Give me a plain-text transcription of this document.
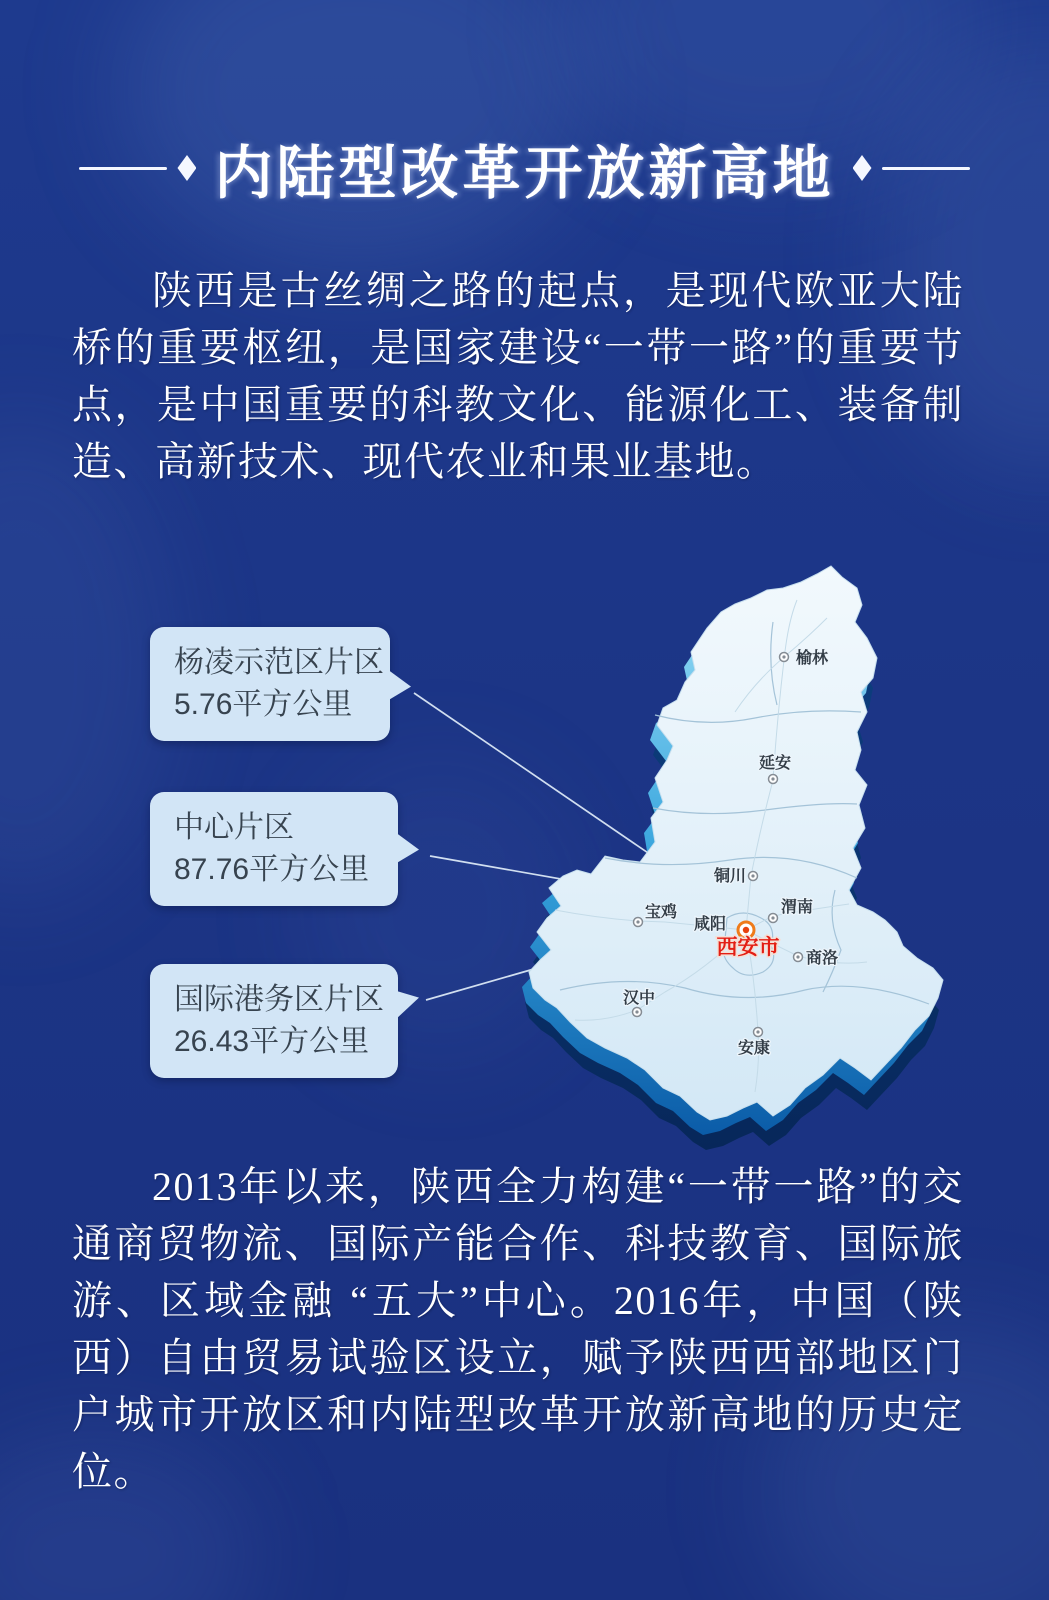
内陆型改革开放新高地

陕西是古丝绸之路的起点，是现代欧亚大陆桥的重要枢纽，是国家建设“一带一路”的重要节点，是中国重要的科教文化、能源化工、装备制造、高新技术、现代农业和果业基地。

杨凌示范区片区
5.76平方公里
中心片区
87.76平方公里
国际港务区片区
26.43平方公里
榆林
延安
铜川
渭南
宝鸡
咸阳
商洛
汉中
安康
西安市

2013年以来，陕西全力构建“一带一路”的交通商贸物流、国际产能合作、科技教育、国际旅游、区域金融 “五大”中心。2016年，中国（陕西）自由贸易试验区设立，赋予陕西西部地区门户城市开放区和内陆型改革开放新高地的历史定位。
